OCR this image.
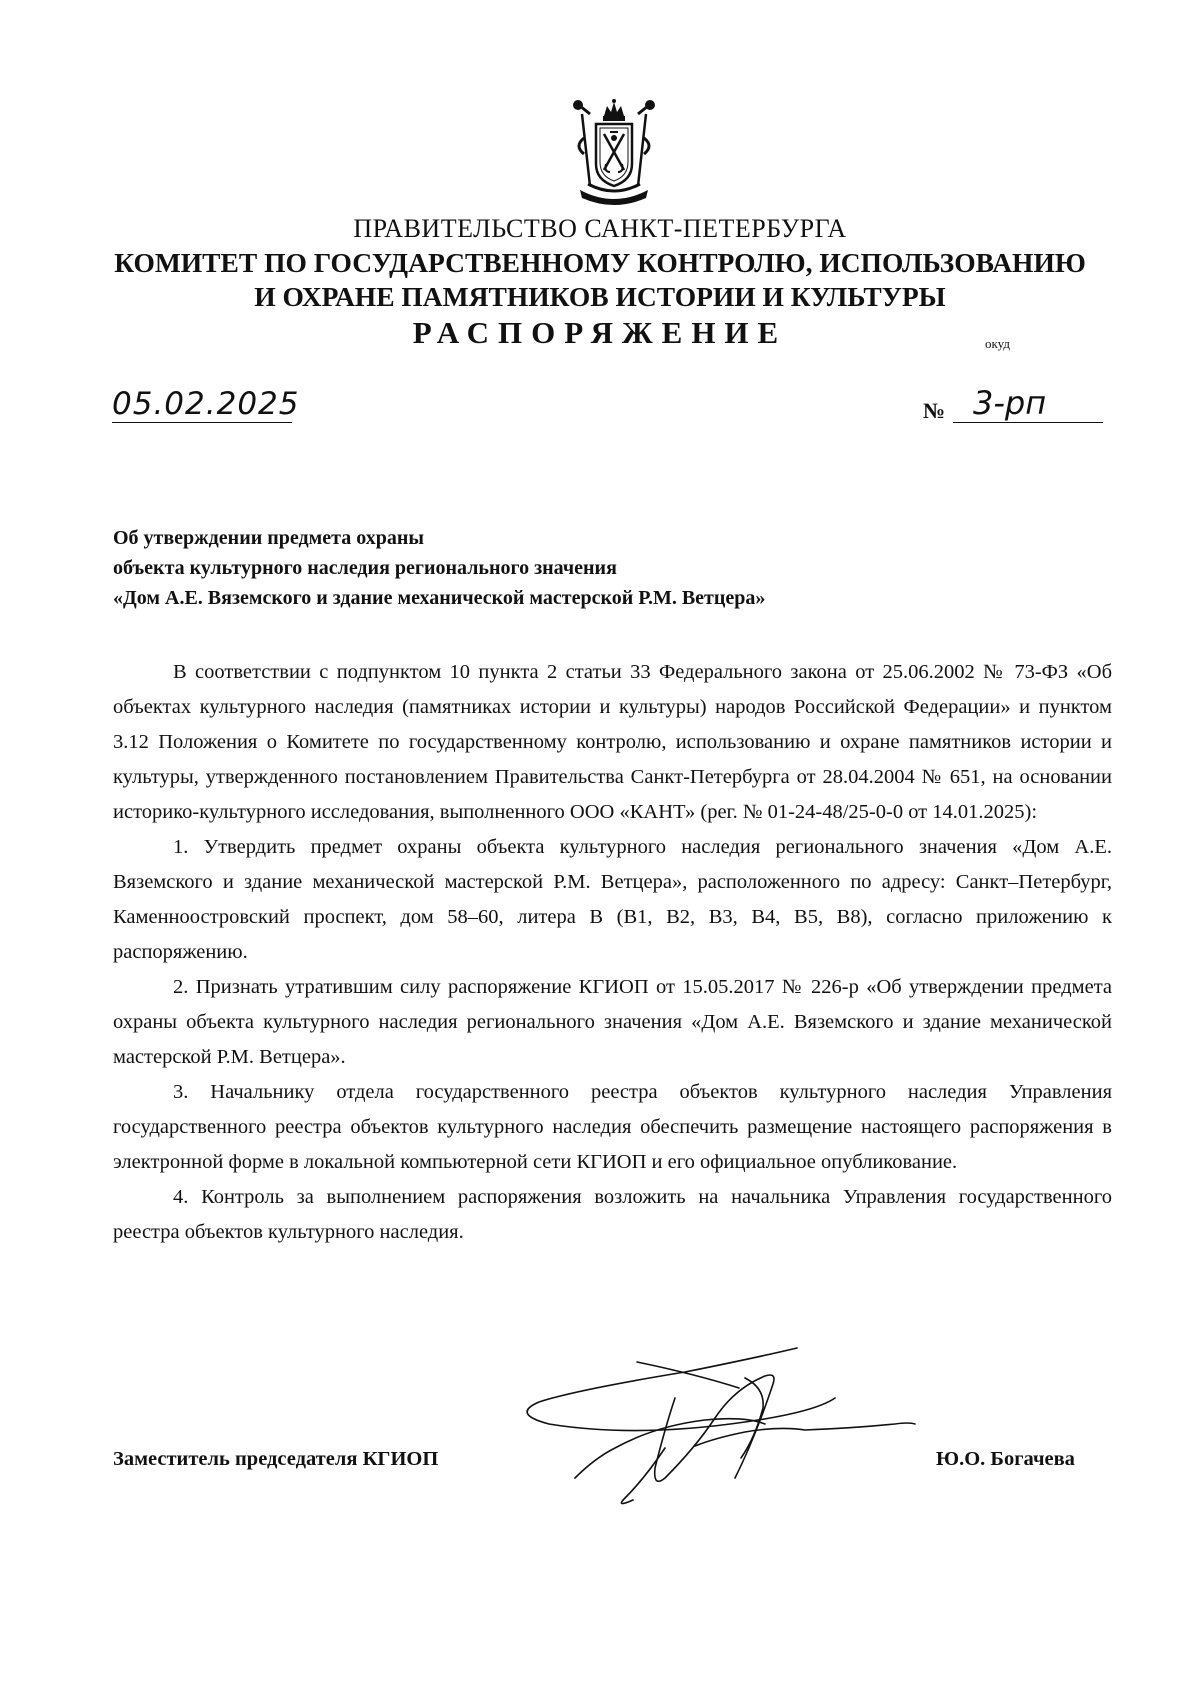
ПРАВИТЕЛЬСТВО САНКТ-ПЕТЕРБУРГА
КОМИТЕТ ПО ГОСУДАРСТВЕННОМУ КОНТРОЛЮ, ИСПОЛЬЗОВАНИЮ
И ОХРАНЕ ПАМЯТНИКОВ ИСТОРИИ И КУЛЬТУРЫ
РАСПОРЯЖЕНИЕ	окуд
05.02.2025	№ 3-рп
Об утверждении предмета охраны
объекта культурного наследия регионального значения
«Дом А.Е. Вяземского и здание механической мастерской Р.М. Ветцера»

В соответствии с подпунктом 10 пункта 2 статьи 33 Федерального закона от 25.06.2002 № 73-ФЗ «Об объектах культурного наследия (памятниках истории и культуры) народов Российской Федерации» и пунктом 3.12 Положения о Комитете по государственному контролю, использованию и охране памятников истории и культуры, утвержденного постановлением Правительства Санкт-Петербурга от 28.04.2004 № 651, на основании историко-культурного исследования, выполненного ООО «КАНТ» (рег. № 01-24-48/25-0-0 от 14.01.2025):

1. Утвердить предмет охраны объекта культурного наследия регионального значения «Дом А.Е. Вяземского и здание механической мастерской Р.М. Ветцера», расположенного по адресу: Санкт–Петербург, Каменноостровский проспект, дом 58–60, литера В (В1, В2, В3, В4, В5, В8), согласно приложению к распоряжению.

2. Признать утратившим силу распоряжение КГИОП от 15.05.2017 № 226-р «Об утверждении предмета охраны объекта культурного наследия регионального значения «Дом А.Е. Вяземского и здание механической мастерской Р.М. Ветцера».

3. Начальнику отдела государственного реестра объектов культурного наследия Управления государственного реестра объектов культурного наследия обеспечить размещение настоящего распоряжения в электронной форме в локальной компьютерной сети КГИОП и его официальное опубликование.

4. Контроль за выполнением распоряжения возложить на начальника Управления государственного реестра объектов культурного наследия.

Заместитель председателя КГИОП	Ю.О. Богачева
